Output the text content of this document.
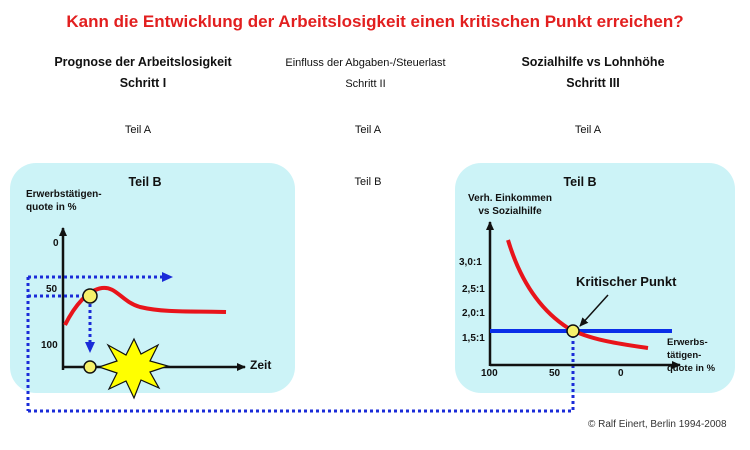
Kann die Entwicklung der Arbeitslosigkeit einen kritischen Punkt erreichen?
Prognose der Arbeitslosigkeit
Schritt I
Teil A
Einfluss der Abgaben-/Steuerlast
Schritt II
Teil A
Teil B
Sozialhilfe vs Lohnhöhe
Schritt III
Teil A
Teil B
Erwerbstätigen-
quote in %
0
50
100
Zeit
Teil B
Verh. Einkommen
vs Sozialhilfe
3,0:1
2,5:1
2,0:1
1,5:1
100	50	0
Erwerbs-
tätigen-
quote in %
Kritischer Punkt
© Ralf Einert, Berlin 1994-2008
